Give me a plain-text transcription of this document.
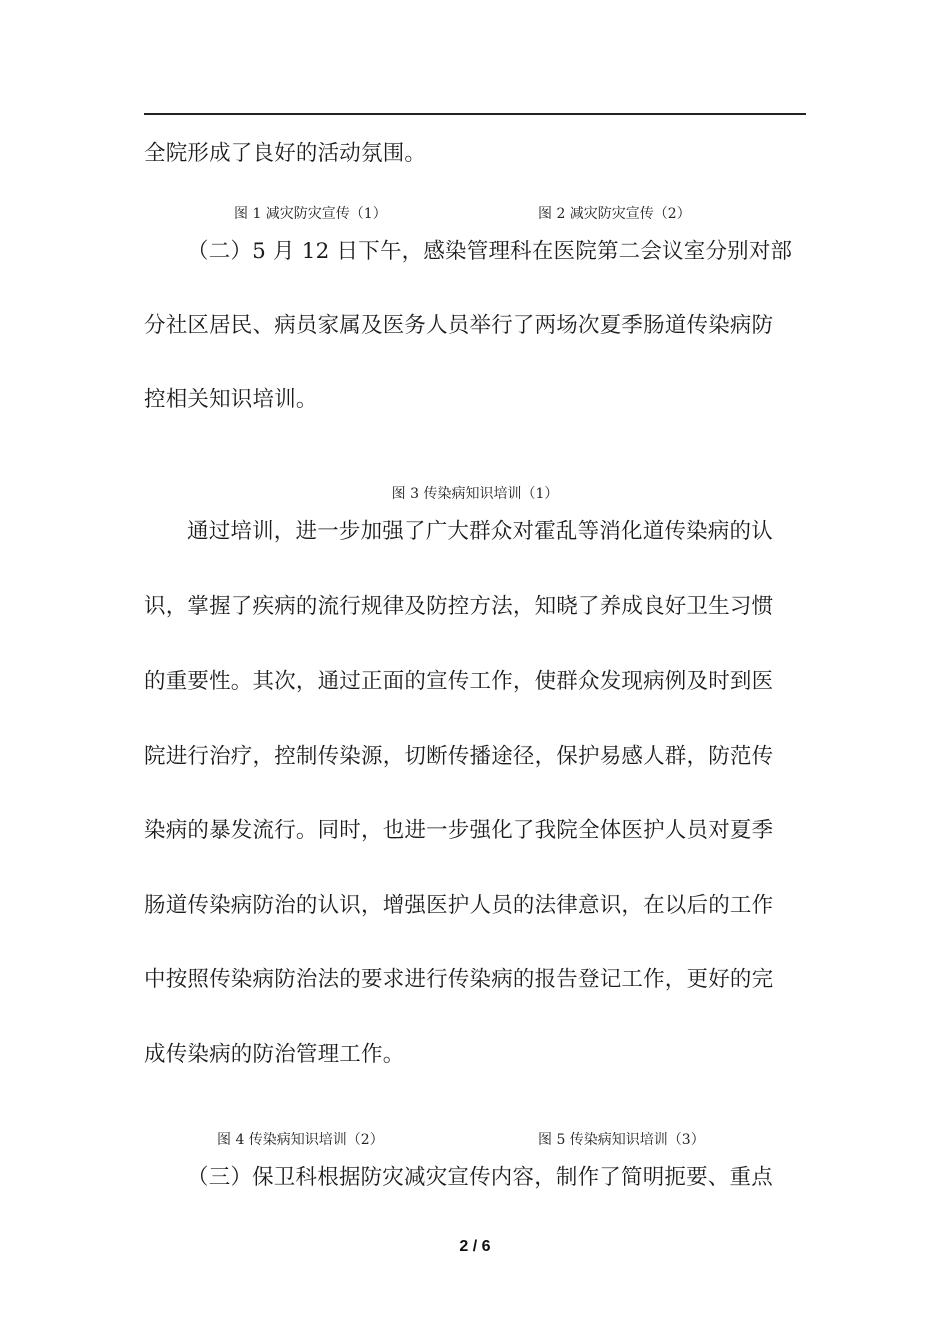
全院形成了良好的活动氛围。
图 1 减灾防灾宣传（1）	图 2 减灾防灾宣传（2）
（二）5 月 12 日下午，感染管理科在医院第二会议室分别对部
分社区居民、病员家属及医务人员举行了两场次夏季肠道传染病防
控相关知识培训。
图 3 传染病知识培训（1）
通过培训，进一步加强了广大群众对霍乱等消化道传染病的认
识，掌握了疾病的流行规律及防控方法，知晓了养成良好卫生习惯
的重要性。其次，通过正面的宣传工作，使群众发现病例及时到医
院进行治疗，控制传染源，切断传播途径，保护易感人群，防范传
染病的暴发流行。同时，也进一步强化了我院全体医护人员对夏季
肠道传染病防治的认识，增强医护人员的法律意识，在以后的工作
中按照传染病防治法的要求进行传染病的报告登记工作，更好的完
成传染病的防治管理工作。
图 4 传染病知识培训（2）	图 5 传染病知识培训（3）
（三）保卫科根据防灾减灾宣传内容，制作了简明扼要、重点
2 / 6
